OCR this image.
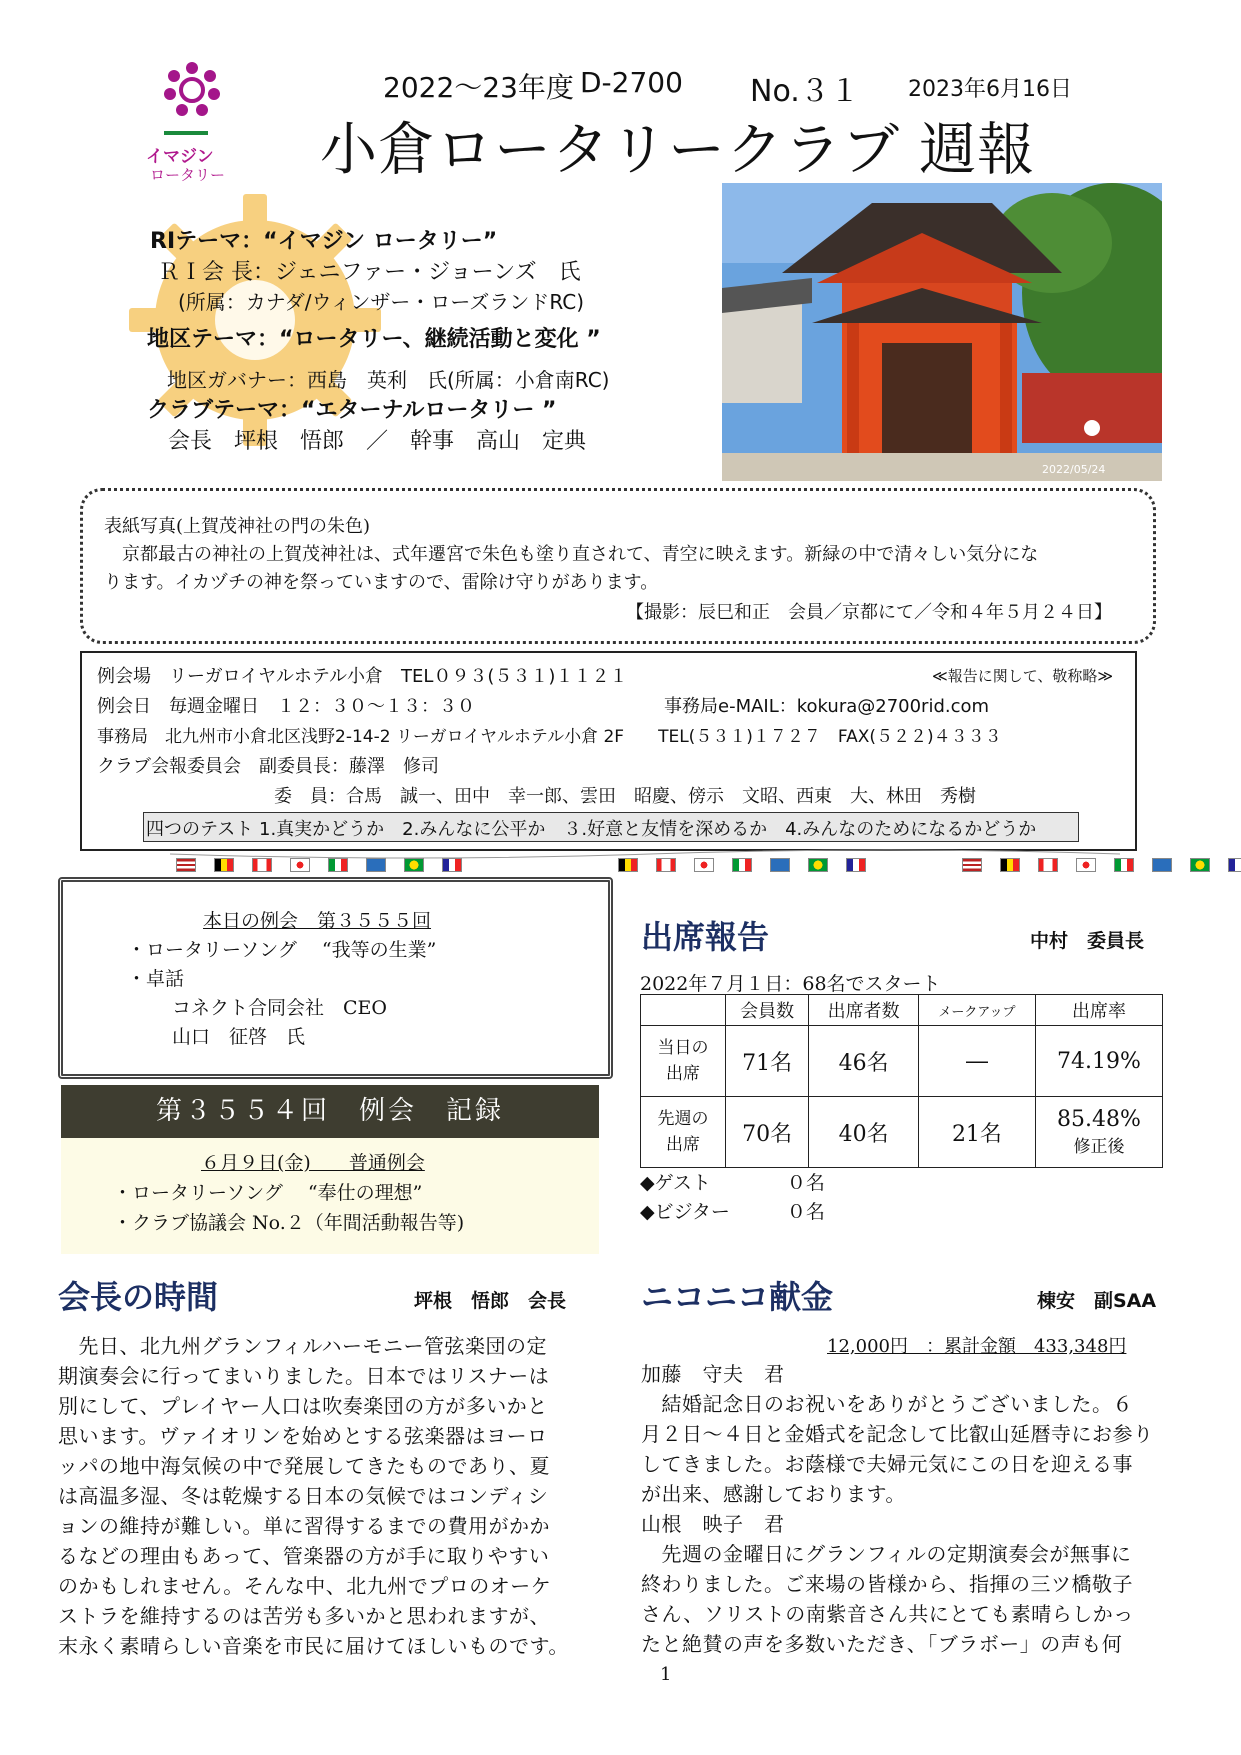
イマジン
ロータリー
2022～23年度 D-2700 No.３１ 2023年6月16日
小倉ロータリークラブ 週報
RIテーマ：“イマジン ロータリー”
ＲＩ会 長：ジェニファー・ジョーンズ　氏
(所属：カナダ/ウィンザー・ローズランドRC)
地区テーマ：“ロータリー、継続活動と変化 ”
地区ガバナー：西島　英利　氏(所属：小倉南RC)
クラブテーマ：“エターナルロータリー ”
会長　坪根　悟郎　／　幹事　高山　定典
2022/05/24
表紙写真(上賀茂神社の門の朱色)
　京都最古の神社の上賀茂神社は、式年遷宮で朱色も塗り直されて、青空に映えます。新緑の中で清々しい気分にな
ります。イカヅチの神を祭っていますので、雷除け守りがあります。
【撮影：辰巳和正　会員／京都にて／令和４年５月２４日】
例会場　リーガロイヤルホテル小倉　TEL０９３(５３１)１１２１	≪報告に関して、敬称略≫
例会日　毎週金曜日　１２：３０～１３：３０	事務局e-MAIL：kokura@2700rid.com
事務局　北九州市小倉北区浅野2-14-2 リーガロイヤルホテル小倉 2F　　TEL(５３１)１７２７　FAX(５２２)４３３３
クラブ会報委員会　副委員長：藤澤　修司
委　員：合馬　誠一、田中　幸一郎、雲田　昭慶、傍示　文昭、西東　大、林田　秀樹
四つのテスト 1.真実かどうか　2.みんなに公平か　３.好意と友情を深めるか　4.みんなのためになるかどうか
本日の例会　第３５５５回
・ロータリーソング　 “我等の生業”
・卓話
コネクト合同会社　CEO
山口　征啓　氏
第３５５４回　例会　記録
６月９日(金)　　普通例会
・ロータリーソング　 “奉仕の理想”
・クラブ協議会 No.２（年間活動報告等)
出席報告	中村　委員長
2022年７月１日：68名でスタート
	会員数	出席者数	メークアップ	出席率
当日の
出席	71名	46名	―	74.19%
先週の
出席	70名	40名	21名	85.48%
修正後
◆ゲスト　　　　０名
◆ビジター　　　０名
会長の時間	坪根　悟郎　会長
　先日、北九州グランフィルハーモニー管弦楽団の定
期演奏会に行ってまいりました。日本ではリスナーは
別にして、プレイヤー人口は吹奏楽団の方が多いかと
思います。ヴァイオリンを始めとする弦楽器はヨーロ
ッパの地中海気候の中で発展してきたものであり、夏
は高温多湿、冬は乾燥する日本の気候ではコンディシ
ョンの維持が難しい。単に習得するまでの費用がかか
るなどの理由もあって、管楽器の方が手に取りやすい
のかもしれません。そんな中、北九州でプロのオーケ
ストラを維持するのは苦労も多いかと思われますが、
末永く素晴らしい音楽を市民に届けてほしいものです。
ニコニコ献金	棟安　副SAA
12,000円　：累計金額　433,348円
加藤　守夫　君
　結婚記念日のお祝いをありがとうございました。６
月２日～４日と金婚式を記念して比叡山延暦寺にお参り
してきました。お蔭様で夫婦元気にこの日を迎える事
が出来、感謝しております。
山根　映子　君
　先週の金曜日にグランフィルの定期演奏会が無事に
終わりました。ご来場の皆様から、指揮の三ツ橋敬子
さん、ソリストの南紫音さん共にとても素晴らしかっ
たと絶賛の声を多数いただき、「ブラボー」の声も何
1
